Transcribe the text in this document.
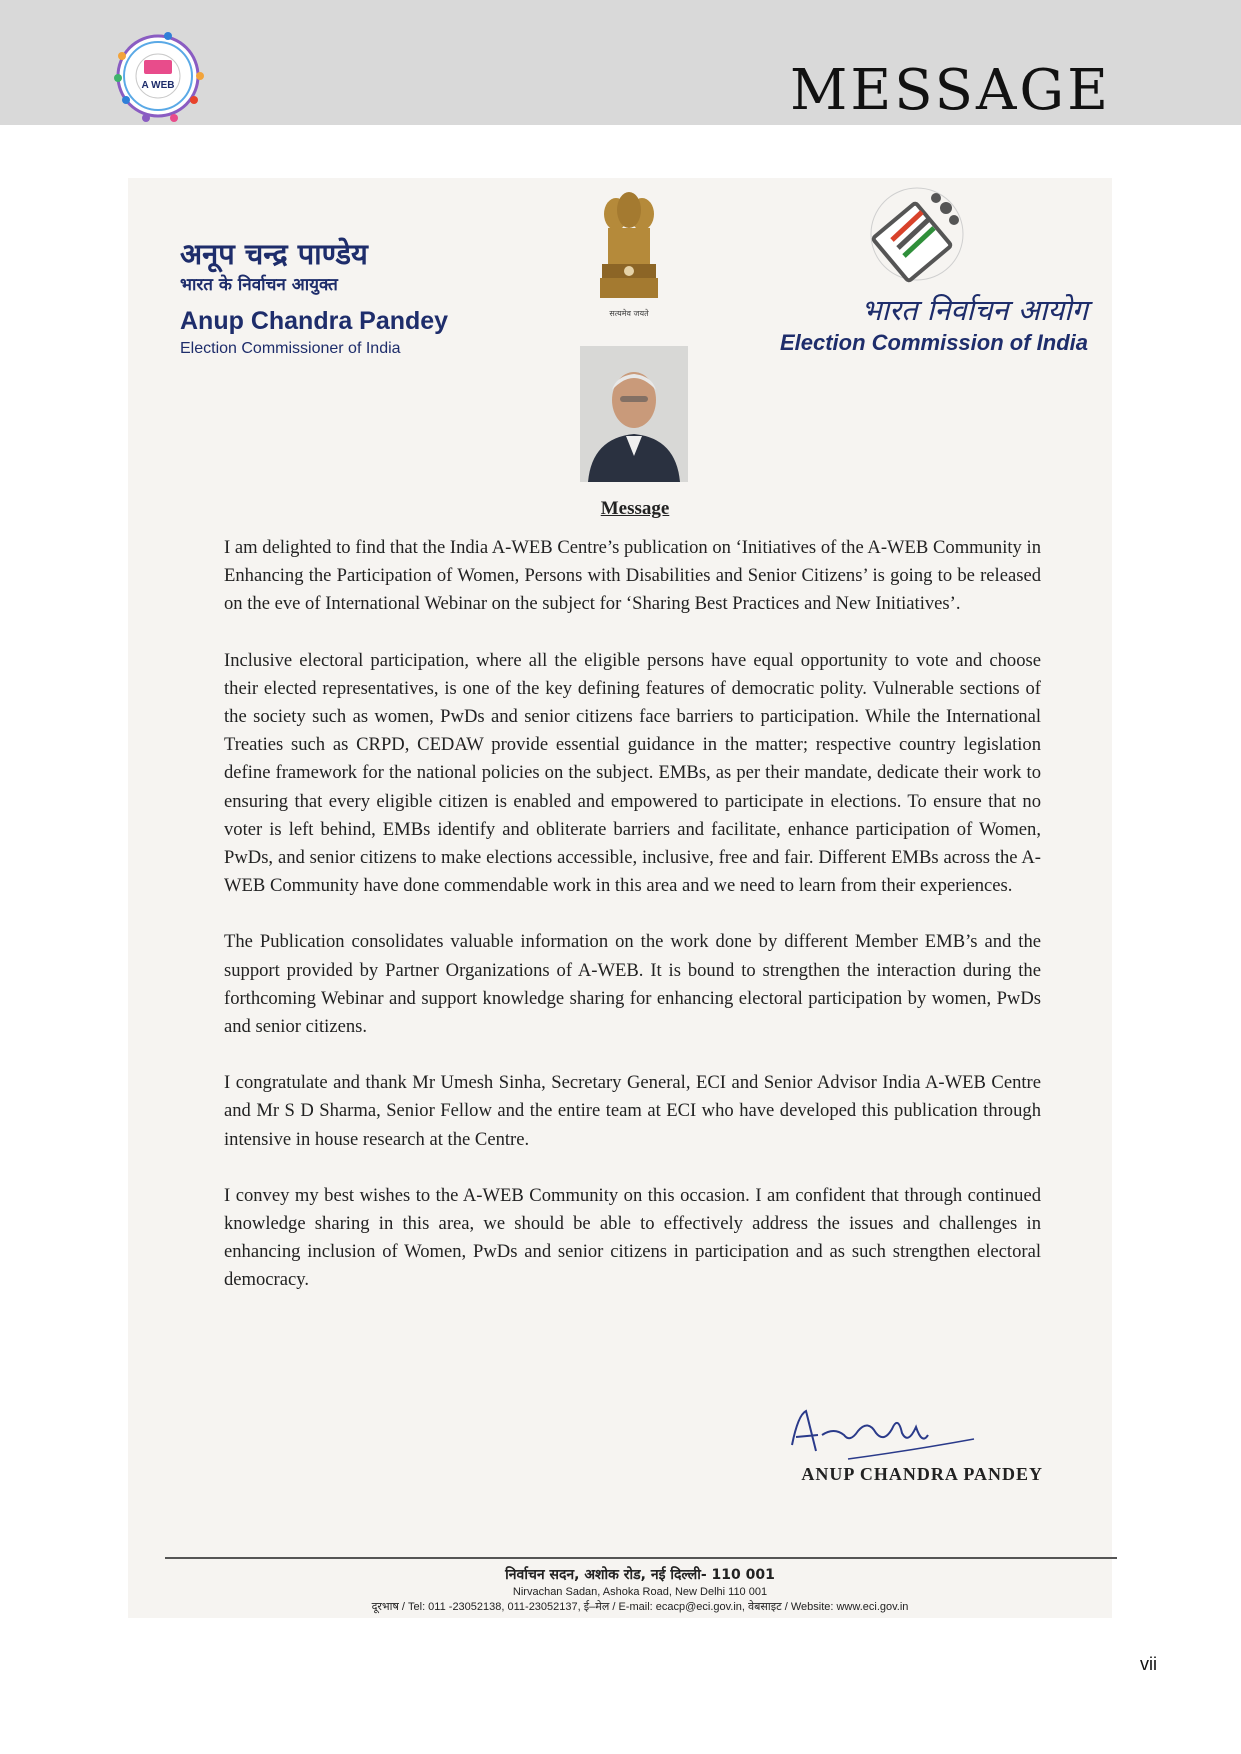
A WEB	MESSAGE
अनूप चन्द्र पाण्डेय
भारत के निर्वाचन आयुक्त
Anup Chandra Pandey
Election Commissioner of India
सत्यमेव जयते	भारत निर्वाचन आयोग
Election Commission of India
Message

I am delighted to find that the India A-WEB Centre’s publication on ‘Initiatives of the A-WEB Community in Enhancing the Participation of Women, Persons with Disabilities and Senior Citizens’ is going to be released on the eve of International Webinar on the subject for ‘Sharing Best Practices and New Initiatives’.

Inclusive electoral participation, where all the eligible persons have equal opportunity to vote and choose their elected representatives, is one of the key defining features of democratic polity. Vulnerable sections of the society such as women, PwDs and senior citizens face barriers to participation. While the International Treaties such as CRPD, CEDAW provide essential guidance in the matter; respective country legislation define framework for the national policies on the subject. EMBs, as per their mandate, dedicate their work to ensuring that every eligible citizen is enabled and empowered to participate in elections. To ensure that no voter is left behind, EMBs identify and obliterate barriers and facilitate, enhance participation of Women, PwDs, and senior citizens to make elections accessible, inclusive, free and fair. Different EMBs across the A-WEB Community have done commendable work in this area and we need to learn from their experiences.

The Publication consolidates valuable information on the work done by different Member EMB’s and the support provided by Partner Organizations of A-WEB. It is bound to strengthen the interaction during the forthcoming Webinar and support knowledge sharing for enhancing electoral participation by women, PwDs and senior citizens.

I congratulate and thank Mr Umesh Sinha, Secretary General, ECI and Senior Advisor India A-WEB Centre and Mr S D Sharma, Senior Fellow and the entire team at ECI who have developed this publication through intensive in house research at the Centre.

I convey my best wishes to the A-WEB Community on this occasion. I am confident that through continued knowledge sharing in this area, we should be able to effectively address the issues and challenges in enhancing inclusion of Women, PwDs and senior citizens in participation and as such strengthen electoral democracy.

ANUP CHANDRA PANDEY
निर्वाचन सदन, अशोक रोड, नई दिल्ली- 110 001
Nirvachan Sadan, Ashoka Road, New Delhi 110 001
दूरभाष / Tel: 011 -23052138, 011-23052137, ई–मेल / E-mail: ecacp@eci.gov.in, वेबसाइट / Website: www.eci.gov.in
vii
